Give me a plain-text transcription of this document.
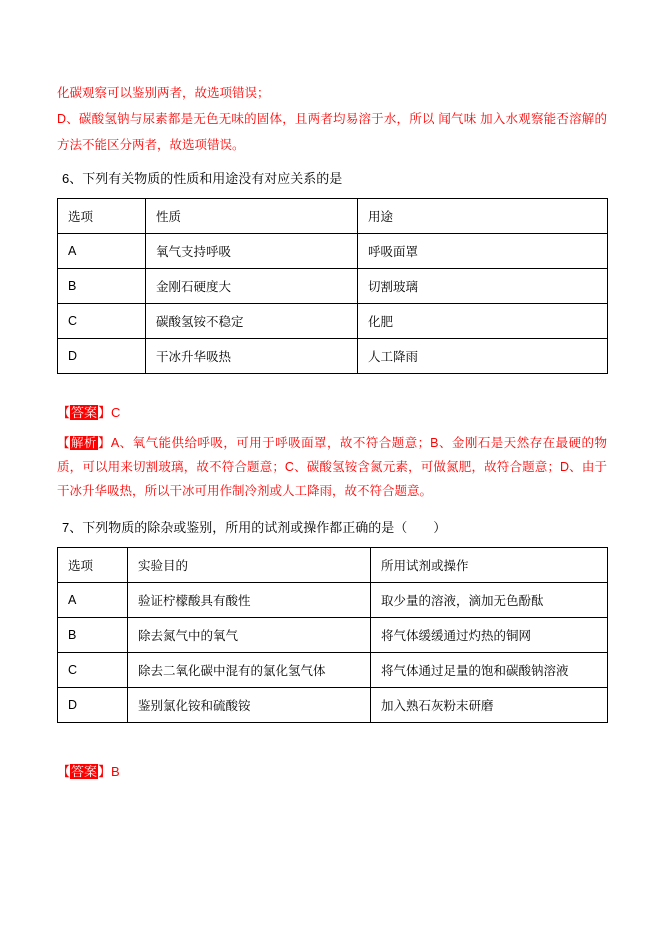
化碳观察可以鉴别两者，故选项错误；

D、碳酸氢钠与尿素都是无色无味的固体，且两者均易溶于水，所以 闻气味 加入水观察能否溶解的方法不能区分两者，故选项错误。

6、下列有关物质的性质和用途没有对应关系的是

选项	性质	用途
A	氧气支持呼吸	呼吸面罩
B	金刚石硬度大	切割玻璃
C	碳酸氢铵不稳定	化肥
D	干冰升华吸热	人工降雨

【答案】C

【解析】A、氧气能供给呼吸，可用于呼吸面罩，故不符合题意；B、金刚石是天然存在最硬的物质，可以用来切割玻璃，故不符合题意；C、碳酸氢铵含氮元素，可做氮肥，故符合题意；D、由于干冰升华吸热，所以干冰可用作制冷剂或人工降雨，故不符合题意。

7、下列物质的除杂或鉴别，所用的试剂或操作都正确的是（　　）

选项	实验目的	所用试剂或操作
A	验证柠檬酸具有酸性	取少量的溶液，滴加无色酚酞
B	除去氮气中的氧气	将气体缓缓通过灼热的铜网
C	除去二氧化碳中混有的氯化氢气体	将气体通过足量的饱和碳酸钠溶液
D	鉴别氯化铵和硫酸铵	加入熟石灰粉末研磨

【答案】B
